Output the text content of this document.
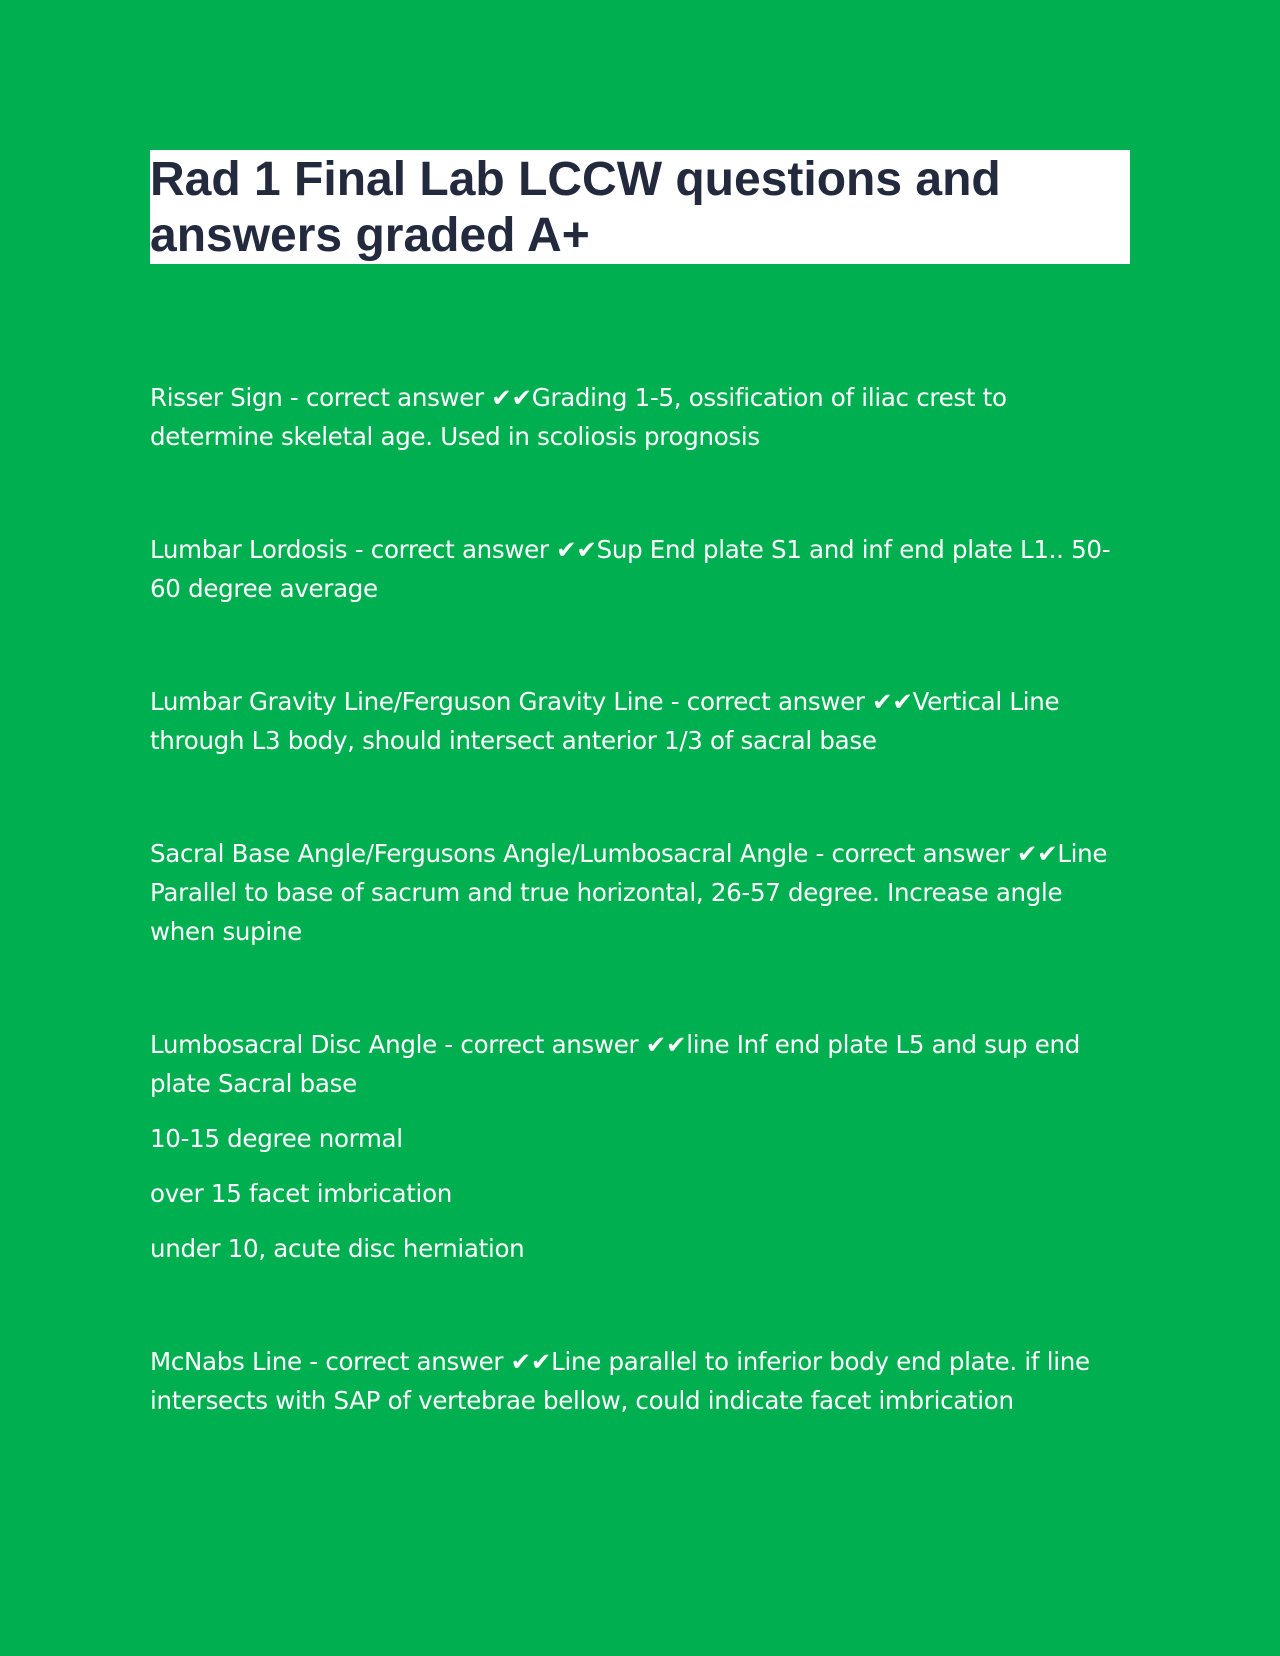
Rad 1 Final Lab LCCW questions and answers graded A+

Risser Sign - correct answer ✔✔Grading 1-5, ossification of iliac crest to determine skeletal age. Used in scoliosis prognosis

Lumbar Lordosis - correct answer ✔✔Sup End plate S1 and inf end plate L1.. 50-60 degree average

Lumbar Gravity Line/Ferguson Gravity Line - correct answer ✔✔Vertical Line through L3 body, should intersect anterior 1/3 of sacral base

Sacral Base Angle/Fergusons Angle/Lumbosacral Angle - correct answer ✔✔Line Parallel to base of sacrum and true horizontal, 26-57 degree. Increase angle when supine

Lumbosacral Disc Angle - correct answer ✔✔line Inf end plate L5 and sup end plate Sacral base

10-15 degree normal

over 15 facet imbrication

under 10, acute disc herniation

McNabs Line - correct answer ✔✔Line parallel to inferior body end plate. if line intersects with SAP of vertebrae bellow, could indicate facet imbrication
